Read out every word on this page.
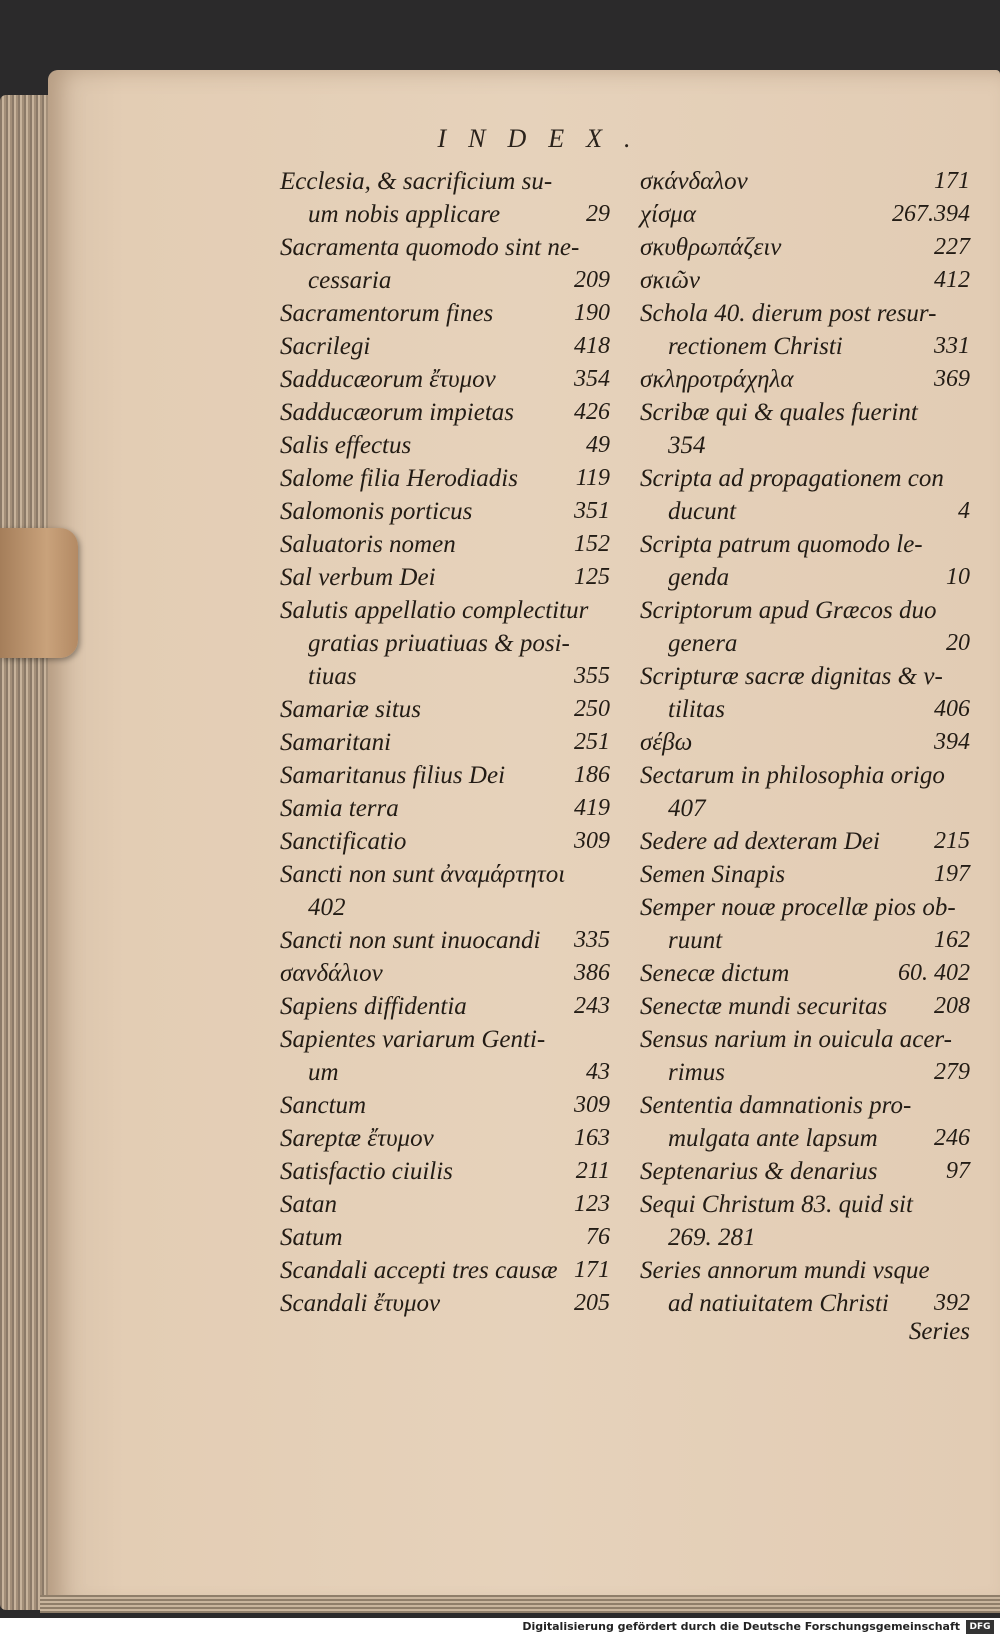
INDEX.
Ecclesia, & sacrificium su-
um nobis applicare	29
Sacramenta quomodo sint ne-
cessaria	209
Sacramentorum fines	190
Sacrilegi	418
Sadducæorum ἔτυμον	354
Sadducæorum impietas	426
Salis effectus	49
Salome filia Herodiadis	119
Salomonis porticus	351
Saluatoris nomen	152
Sal verbum Dei	125
Salutis appellatio complectitur
gratias priuatiuas & posi-
tiuas	355
Samariæ situs	250
Samaritani	251
Samaritanus filius Dei	186
Samia terra	419
Sanctificatio	309
Sancti non sunt ἀναμάρτητοι
402
Sancti non sunt inuocandi	335
σανδάλιον	386
Sapiens diffidentia	243
Sapientes variarum Genti-
um	43
Sanctum	309
Sareptæ ἔτυμον	163
Satisfactio ciuilis	211
Satan	123
Satum	76
Scandali accepti tres causæ 171
Scandali ἔτυμον	205
σκάνδαλον	171
χίσμα	267.394
σκυθρωπάζειν	227
σκιῶν	412
Schola 40. dierum post resur-
rectionem Christi	331
σκληροτράχηλα	369
Scribæ qui & quales fuerint
354
Scripta ad propagationem con
ducunt	4
Scripta patrum quomodo le-
genda	10
Scriptorum apud Græcos duo
genera	20
Scripturæ sacræ dignitas & v-
tilitas	406
σέβω	394
Sectarum in philosophia origo
407
Sedere ad dexteram Dei	215
Semen Sinapis	197
Semper nouæ procellæ pios ob-
ruunt	162
Senecæ dictum	60. 402
Senectæ mundi securitas	208
Sensus narium in ouicula acer-
rimus	279
Sententia damnationis pro-
mulgata ante lapsum	246
Septenarius & denarius	97
Sequi Christum 83. quid sit
269. 281
Series annorum mundi vsque
ad natiuitatem Christi	392
Series
Digitalisierung gefördert durch die Deutsche Forschungsgemeinschaft	DFG
